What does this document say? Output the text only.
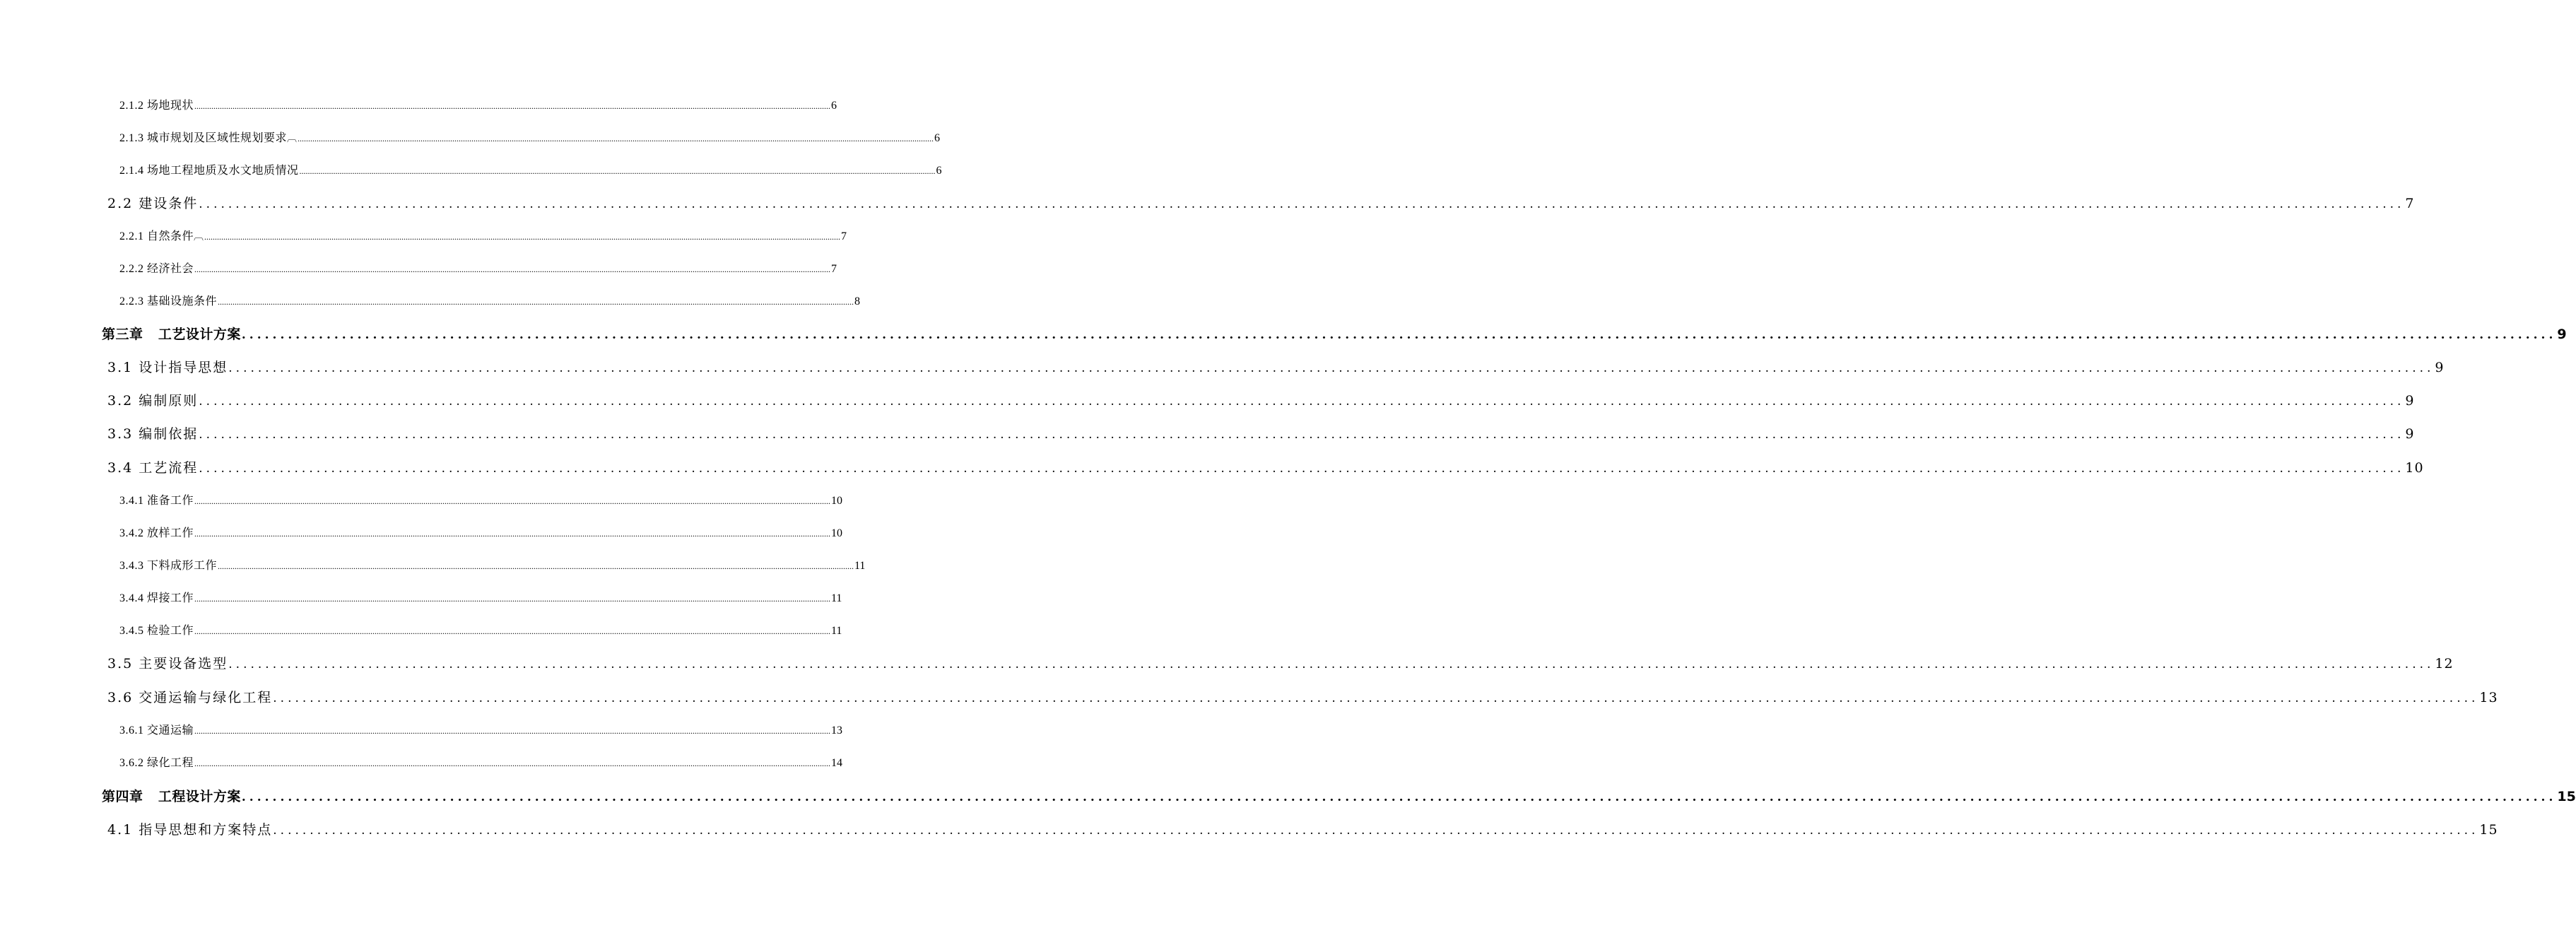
2.1.2 场地现状 ............................................................................................................................................................................................................................................................................................................ 6
2.1.3 城市规划及区域性规划要求 ︹ ............................................................................................................................................................................................................................................................................................................ 6
2.1.4 场地工程地质及水文地质情况 ............................................................................................................................................................................................................................................................................................................ 6
2.2 建设条件 ............................................................................................................................................................................................................................................................................................................ 7
2.2.1 自然条件 ︹ ............................................................................................................................................................................................................................................................................................................ 7
2.2.2 经济社会 ............................................................................................................................................................................................................................................................................................................ 7
2.2.3 基础设施条件 ............................................................................................................................................................................................................................................................................................................ 8
第三章   工艺设计方案 ............................................................................................................................................................................................................................................................................................................ 9
3.1 设计指导思想 ............................................................................................................................................................................................................................................................................................................ 9
3.2 编制原则 ............................................................................................................................................................................................................................................................................................................ 9
3.3 编制依据 ............................................................................................................................................................................................................................................................................................................ 9
3.4 工艺流程 ............................................................................................................................................................................................................................................................................................................ 10
3.4.1 准备工作 ............................................................................................................................................................................................................................................................................................................ 10
3.4.2 放样工作 ............................................................................................................................................................................................................................................................................................................ 10
3.4.3 下料成形工作 ............................................................................................................................................................................................................................................................................................................ 11
3.4.4 焊接工作 ............................................................................................................................................................................................................................................................................................................ 11
3.4.5 检验工作 ............................................................................................................................................................................................................................................................................................................ 11
3.5 主要设备选型 ............................................................................................................................................................................................................................................................................................................ 12
3.6 交通运输与绿化工程 ............................................................................................................................................................................................................................................................................................................ 13
3.6.1 交通运输 ............................................................................................................................................................................................................................................................................................................ 13
3.6.2 绿化工程 ............................................................................................................................................................................................................................................................................................................ 14
第四章   工程设计方案 ............................................................................................................................................................................................................................................................................................................ 15
4.1 指导思想和方案特点 ............................................................................................................................................................................................................................................................................................................ 15
